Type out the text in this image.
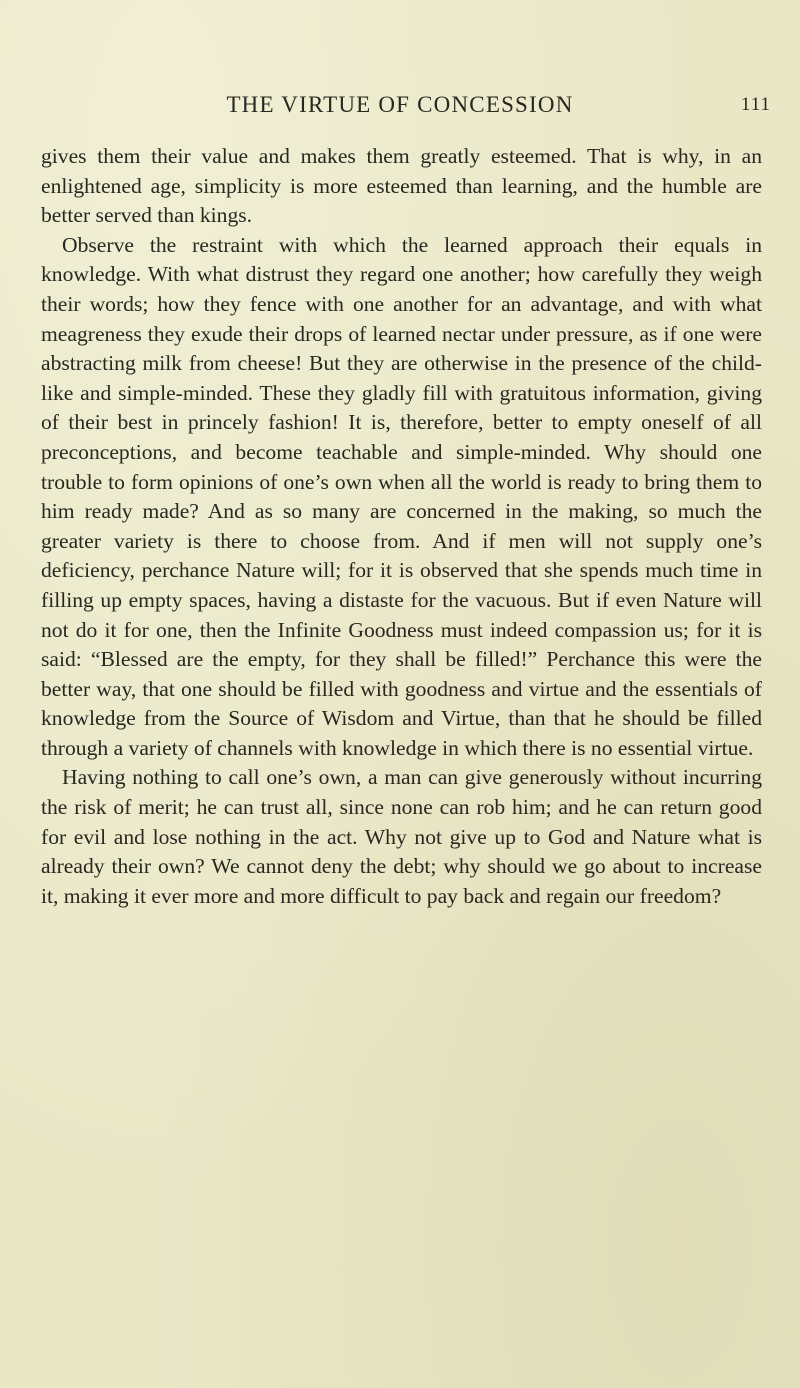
THE VIRTUE OF CONCESSION	111

gives them their value and makes them greatly esteemed. That is why, in an enlightened age, simplicity is more esteemed than learning, and the humble are better served than kings.

Observe the restraint with which the learned approach their equals in knowledge. With what distrust they regard one another; how carefully they weigh their words; how they fence with one another for an advantage, and with what meagreness they exude their drops of learned nectar under pressure, as if one were abstracting milk from cheese! But they are otherwise in the presence of the child-like and simple-minded. These they gladly fill with gratuitous information, giving of their best in princely fashion! It is, therefore, better to empty oneself of all preconceptions, and become teachable and simple-minded. Why should one trouble to form opinions of one’s own when all the world is ready to bring them to him ready made? And as so many are concerned in the making, so much the greater variety is there to choose from. And if men will not supply one’s deficiency, perchance Nature will; for it is observed that she spends much time in filling up empty spaces, having a distaste for the vacuous. But if even Nature will not do it for one, then the Infinite Goodness must indeed compassion us; for it is said: “Blessed are the empty, for they shall be filled!” Perchance this were the better way, that one should be filled with goodness and virtue and the essentials of knowledge from the Source of Wisdom and Virtue, than that he should be filled through a variety of channels with knowledge in which there is no essential virtue.

Having nothing to call one’s own, a man can give generously without incurring the risk of merit; he can trust all, since none can rob him; and he can return good for evil and lose nothing in the act. Why not give up to God and Nature what is already their own? We cannot deny the debt; why should we go about to increase it, making it ever more and more difficult to pay back and regain our freedom?
